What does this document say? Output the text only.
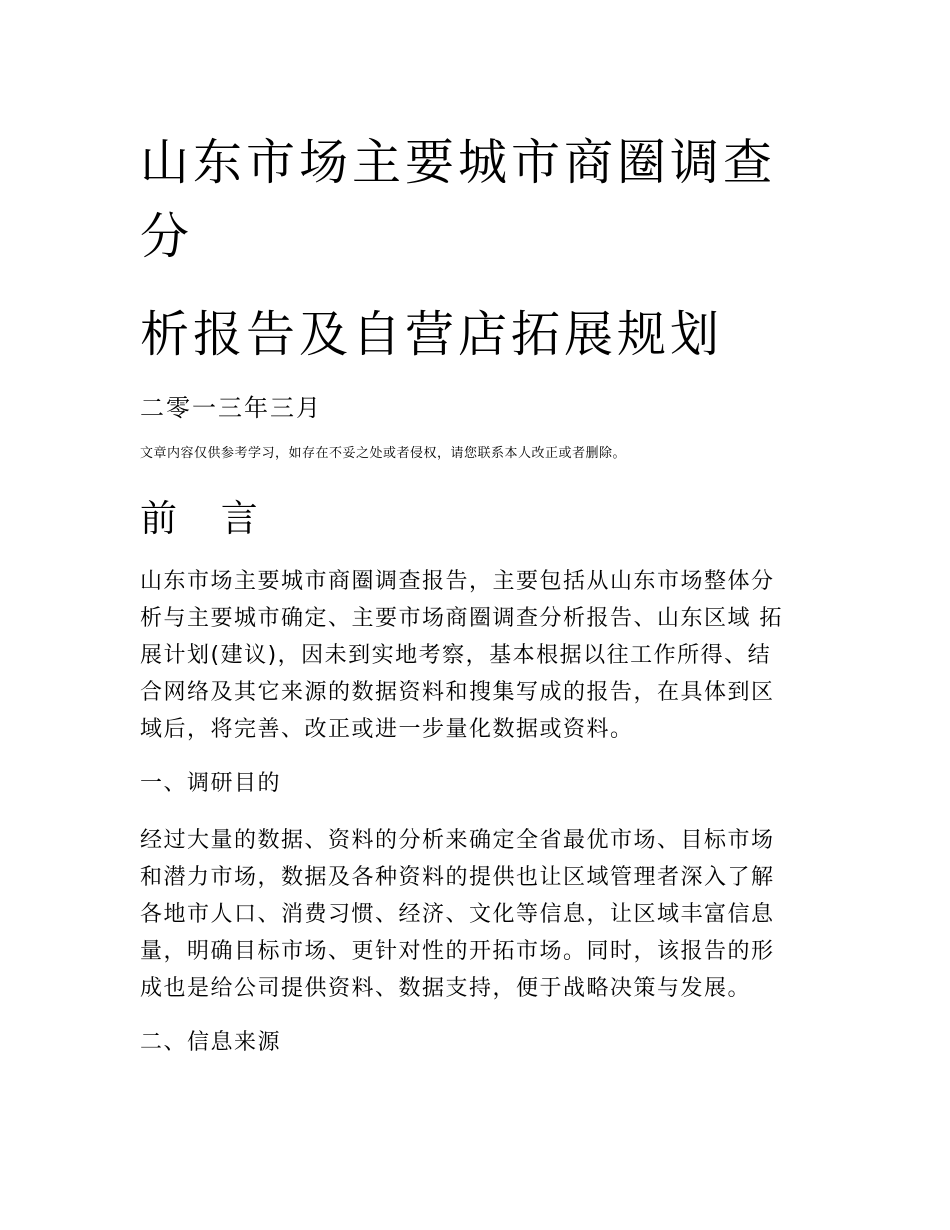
山东市场主要城市商圈调查
分
析报告及自营店拓展规划
二零一三年三月
文章内容仅供参考学习，如存在不妥之处或者侵权，请您联系本人改正或者删除。
前 言
山东市场主要城市商圈调查报告，主要包括从山东市场整体分
析与主要城市确定、主要市场商圈调查分析报告、山东区域 拓
展计划(建议)，因未到实地考察，基本根据以往工作所得、结
合网络及其它来源的数据资料和搜集写成的报告，在具体到区
域后，将完善、改正或进一步量化数据或资料。
一、调研目的
经过大量的数据、资料的分析来确定全省最优市场、目标市场
和潜力市场，数据及各种资料的提供也让区域管理者深入了解
各地市人口、消费习惯、经济、文化等信息，让区域丰富信息
量，明确目标市场、更针对性的开拓市场。同时，该报告的形
成也是给公司提供资料、数据支持，便于战略决策与发展。
二、信息来源
